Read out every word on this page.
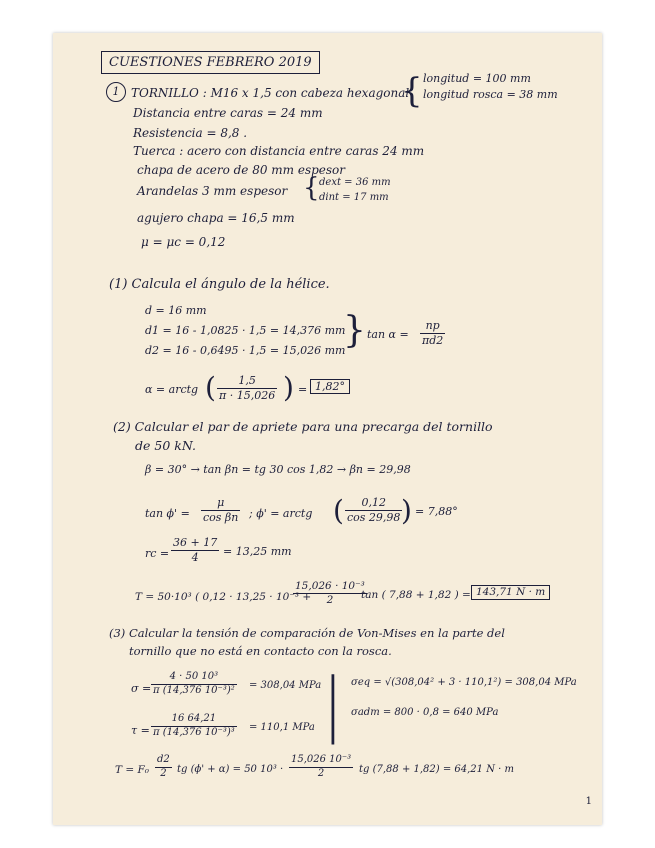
CUESTIONES FEBRERO 2019
1 TORNILLO : M16 x 1,5 con cabeza hexagonal
{ longitud = 100 mm
longitud rosca = 38 mm
Distancia entre caras = 24 mm
Resistencia = 8,8 .
Tuerca : acero con distancia entre caras 24 mm
chapa de acero de 80 mm espesor
Arandelas 3 mm espesor { dext = 36 mm
dint = 17 mm
agujero chapa = 16,5 mm
μ = μc = 0,12
(1) Calcula el ángulo de la hélice.
d = 16 mm
d1 = 16 - 1,0825 · 1,5 = 14,376 mm
d2 = 16 - 0,6495 · 1,5 = 15,026 mm
} $\tan \alpha = \frac{np}{\pi d2}$
α = arctg ( $\frac{1,5}{\pi \cdot 15,026}$ ) = 1,82°
(2) Calcular el par de apriete para una precarga del tornillo
de 50 kN.
β = 30° → tan βn = tg 30 cos 1,82 → βn = 29,98
$\tan \phi' = \frac{\mu}{\text{cos βn}}$ ; ϕ' = arctg ( $\frac{0,12}{\cos 29,98}$
) = 7,88°
rc = $\frac{36 + 17}{4} = 13,25$ mm
T = 50·10³ ( 0,12 · 13,25 · 10⁻³ +
$\frac{\text{15,026 · 10⁻³}}{2}$
tan ( 7,88 + 1,82 ) = 143,71 N · m
(3) Calcular la tensión de comparación de Von-Mises en la parte del
tornillo que no está en contacto con la rosca.
$\sigma = \frac{\text{4 · 50 10³}}{\text{π (14,376 10⁻³)²}} = 308,04$ MPa
$\tau = \frac{16 64,21}{\text{π (14,376 10⁻³)³}} = 110,1$ MPa | σeq = √(308,04² + 3 · 110,1²) = 308,04 MPa
σadm = 800 · 0,8 = 640 MPa
$T = F_0 \frac{d2}{2}$ tg (ϕ' + α) = 50 $10^3 \cdot \frac{\text{15,026 10⁻³}}{2}$ tg (7,88 + 1,82) = 64,21 N · m
1
